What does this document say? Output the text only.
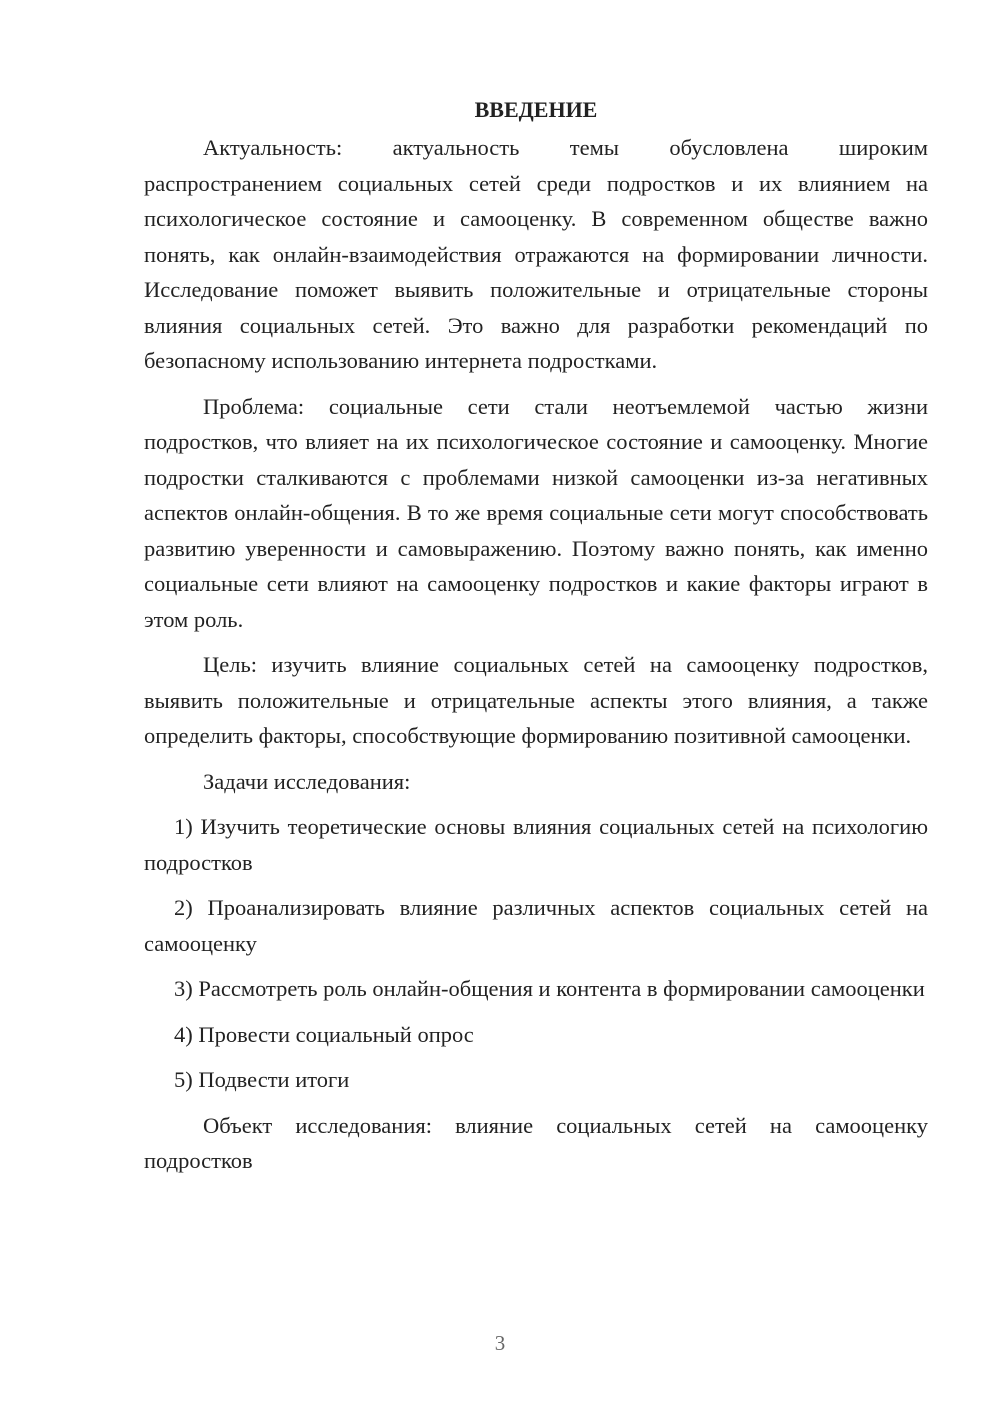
ВВЕДЕНИЕ

Актуальность: актуальность темы обусловлена широким распространением социальных сетей среди подростков и их влиянием на психологическое состояние и самооценку. В современном обществе важно понять, как онлайн-взаимодействия отражаются на формировании личности. Исследование поможет выявить положительные и отрицательные стороны влияния социальных сетей. Это важно для разработки рекомендаций по безопасному использованию интернета подростками.

Проблема: социальные сети стали неотъемлемой частью жизни подростков, что влияет на их психологическое состояние и самооценку. Многие подростки сталкиваются с проблемами низкой самооценки из-за негативных аспектов онлайн-общения. В то же время социальные сети могут способствовать развитию уверенности и самовыражению. Поэтому важно понять, как именно социальные сети влияют на самооценку подростков и какие факторы играют в этом роль.

Цель: изучить влияние социальных сетей на самооценку подростков, выявить положительные и отрицательные аспекты этого влияния, а также определить факторы, способствующие формированию позитивной самооценки.

Задачи исследования:

1) Изучить теоретические основы влияния социальных сетей на психологию подростков

2) Проанализировать влияние различных аспектов социальных сетей на самооценку

3) Рассмотреть роль онлайн-общения и контента в формировании самооценки

4) Провести социальный опрос

5) Подвести итоги

Объект исследования: влияние социальных сетей на самооценку подростков

3
